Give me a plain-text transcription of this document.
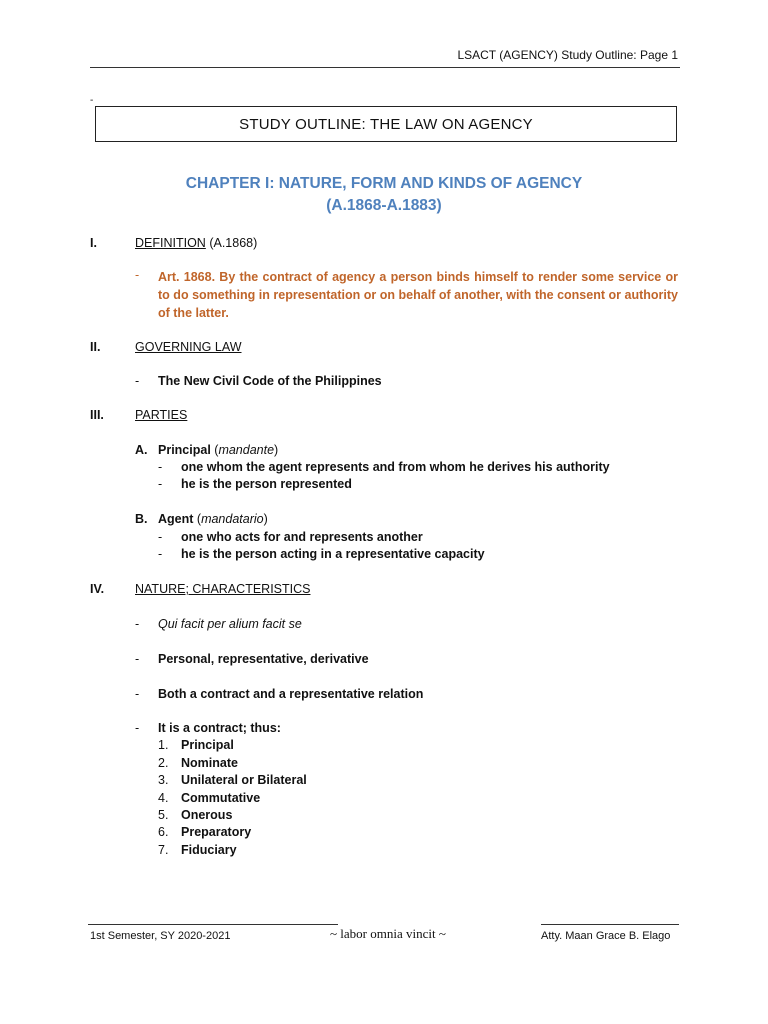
LSACT (AGENCY) Study Outline: Page 1
-
STUDY OUTLINE: THE LAW ON AGENCY
CHAPTER I: NATURE, FORM AND KINDS OF AGENCY
(A.1868-A.1883)
I.	DEFINITION (A.1868)
- Art. 1868. By the contract of agency a person binds himself to render some service or to do something in representation or on behalf of another, with the consent or authority of the latter.
II.	GOVERNING LAW
- The New Civil Code of the Philippines
III. PARTIES
A. Principal (mandante)
- one whom the agent represents and from whom he derives his authority
- he is the person represented
B. Agent (mandatario)
- one who acts for and represents another
- he is the person acting in a representative capacity
IV. NATURE; CHARACTERISTICS
- Qui facit per alium facit se
- Personal, representative, derivative
- Both a contract and a representative relation
- It is a contract; thus:
1. Principal
2. Nominate
3. Unilateral or Bilateral
4. Commutative
5. Onerous
6. Preparatory
7. Fiduciary
1st Semester, SY 2020-2021	~ labor omnia vincit ~	Atty. Maan Grace B. Elago
